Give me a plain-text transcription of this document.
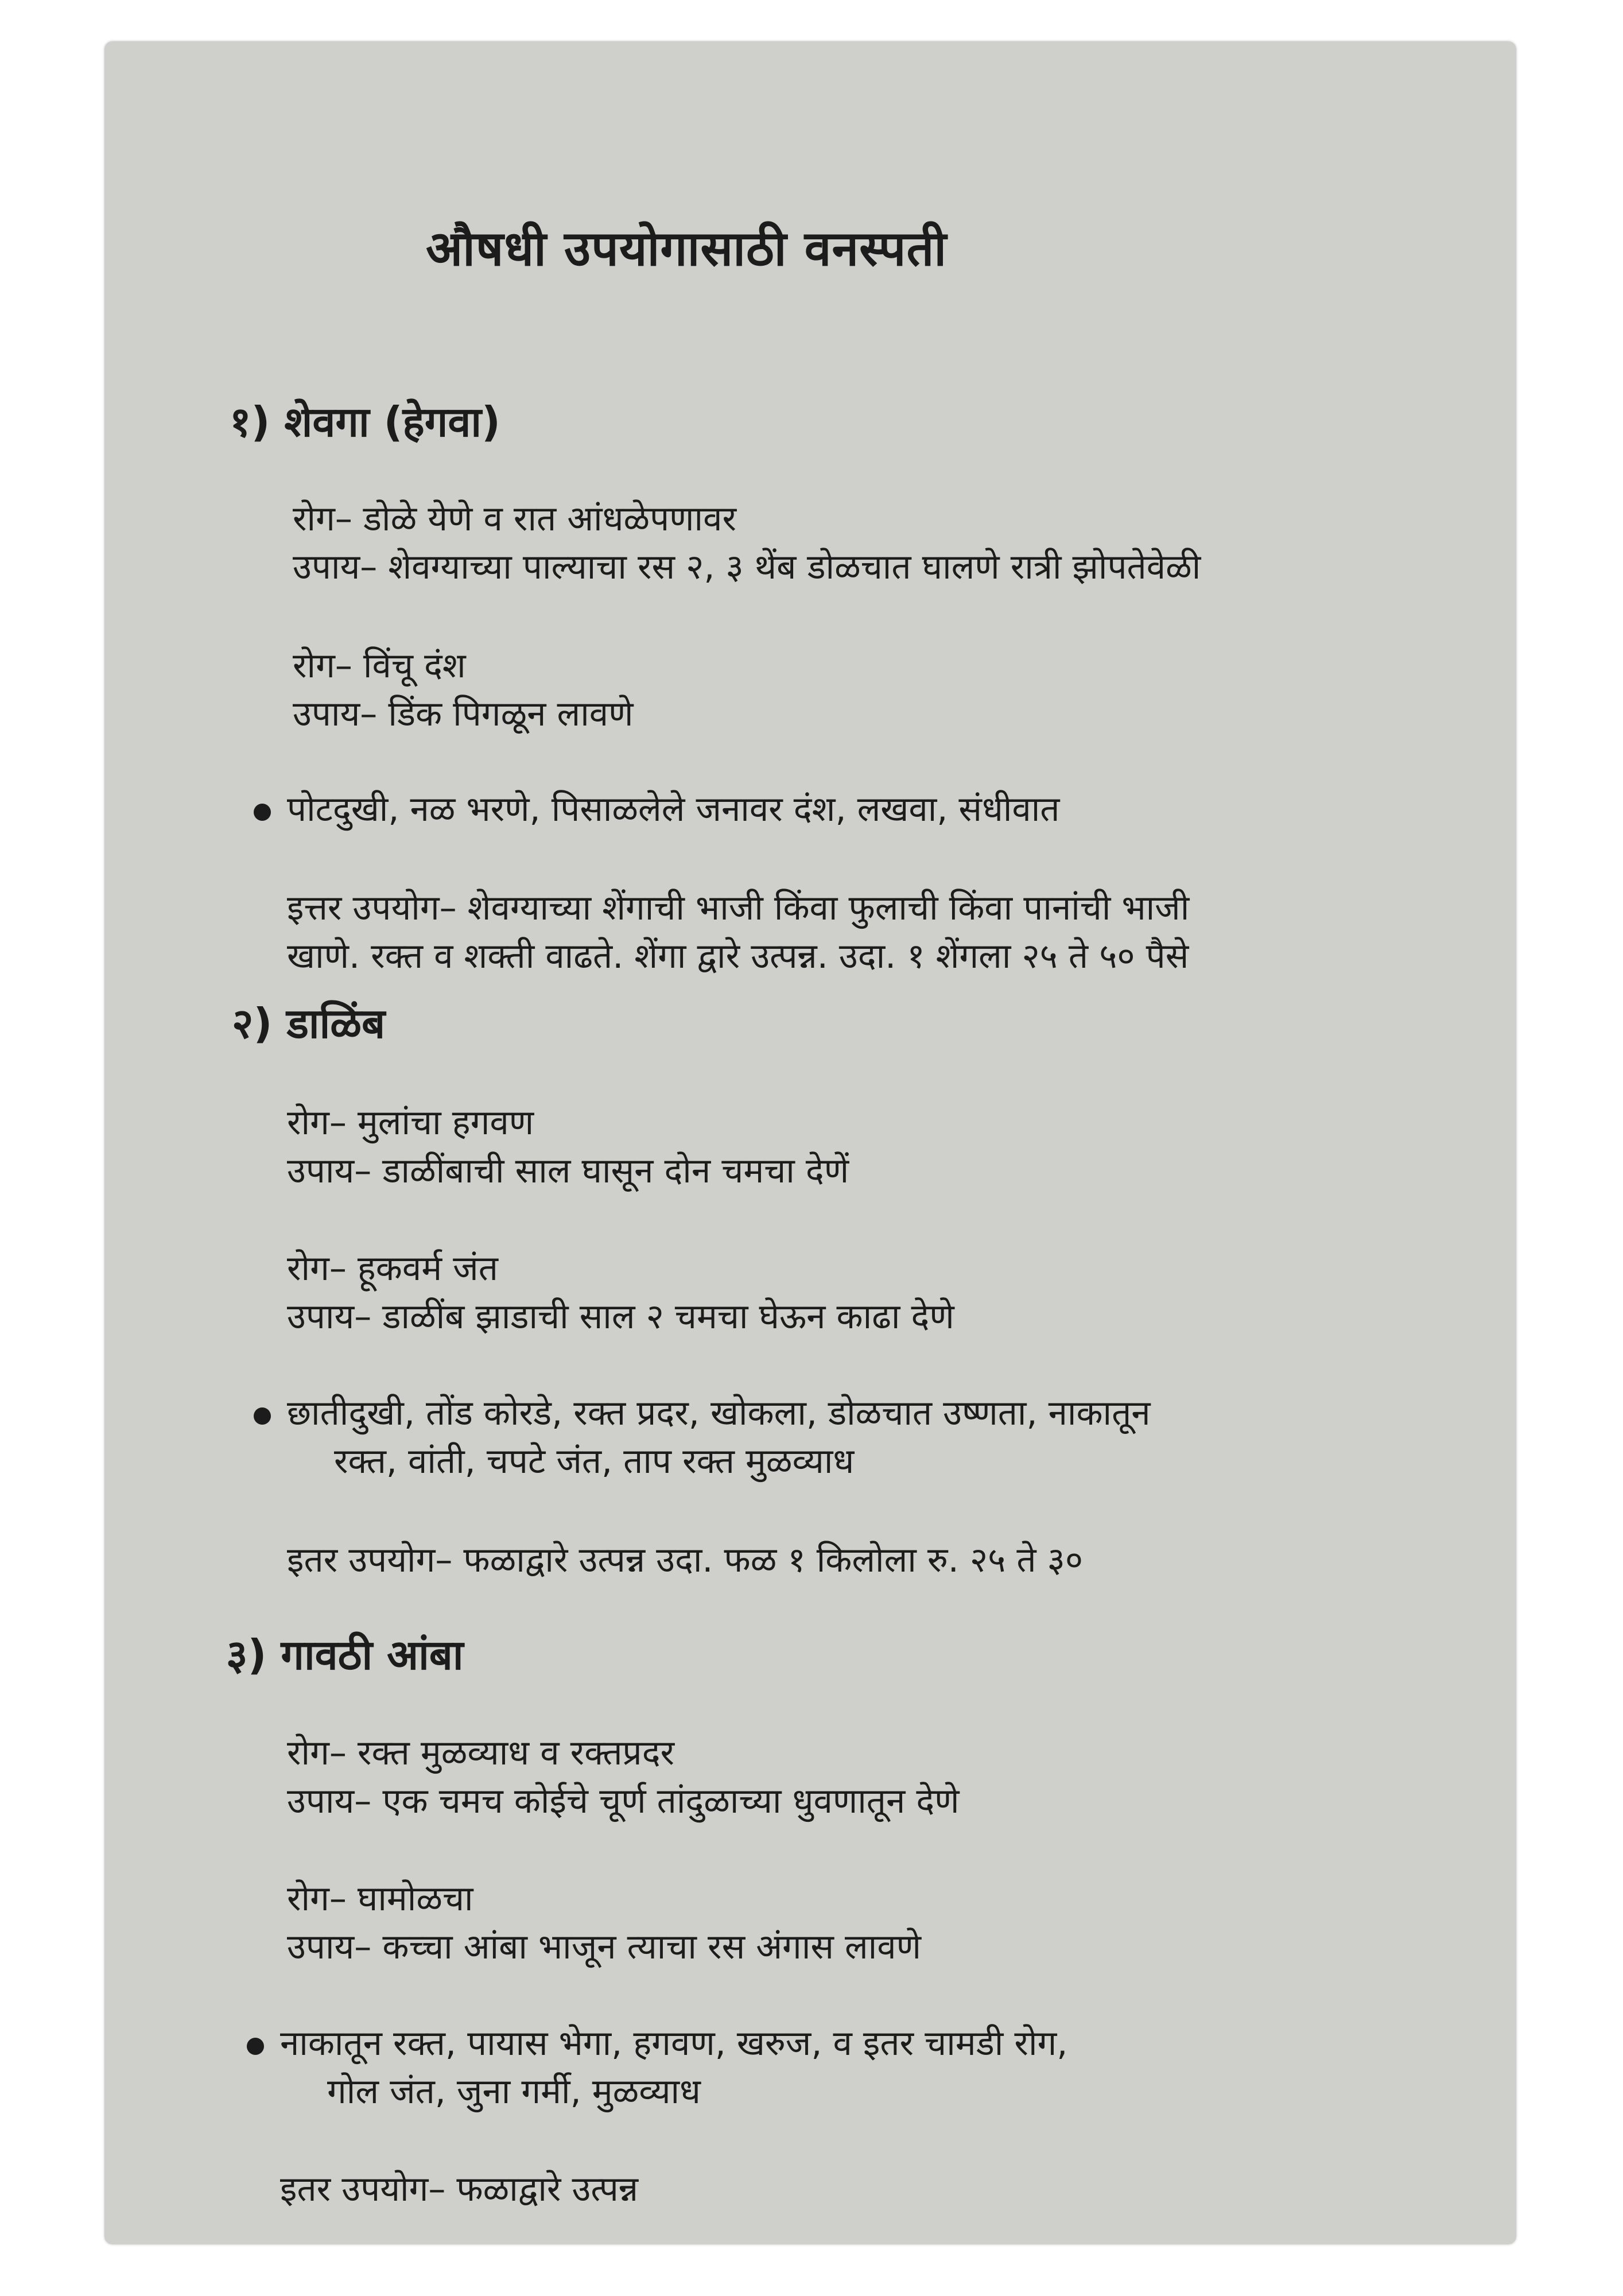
औषधी उपयोगासाठी वनस्पती
१) शेवगा (हेगवा)
रोग– डोळे येणे व रात आंधळेपणावर
उपाय– शेवग्याच्या पाल्याचा रस २, ३ थेंब डोळचात घालणे रात्री झोपतेवेळी
रोग– विंचू दंश
उपाय– डिंक पिगळून लावणे
पोटदुखी, नळ भरणे, पिसाळलेले जनावर दंश, लखवा, संधीवात
इत्तर उपयोग– शेवग्याच्या शेंगाची भाजी किंवा फुलाची किंवा पानांची भाजी
खाणे. रक्त व शक्ती वाढते. शेंगा द्वारे उत्पन्न. उदा. १ शेंगला २५ ते ५० पैसे
२) डाळिंब
रोग– मुलांचा हगवण
उपाय– डाळींबाची साल घासून दोन चमचा देणें
रोग– हूकवर्म जंत
उपाय– डाळींब झाडाची साल २ चमचा घेऊन काढा देणे
छातीदुखी, तोंड कोरडे, रक्त प्रदर, खोकला, डोळचात उष्णता, नाकातून
रक्त, वांती, चपटे जंत, ताप रक्त मुळव्याध
इतर उपयोग– फळाद्वारे उत्पन्न उदा. फळ १ किलोला रु. २५ ते ३०
३) गावठी आंबा
रोग– रक्त मुळव्याध व रक्तप्रदर
उपाय– एक चमच कोईचे चूर्ण तांदुळाच्या धुवणातून देणे
रोग– घामोळचा
उपाय– कच्चा आंबा भाजून त्याचा रस अंगास लावणे
नाकातून रक्त, पायास भेगा, हगवण, खरुज, व इतर चामडी रोग,
गोल जंत, जुना गर्मी, मुळव्याध
इतर उपयोग– फळाद्वारे उत्पन्न
